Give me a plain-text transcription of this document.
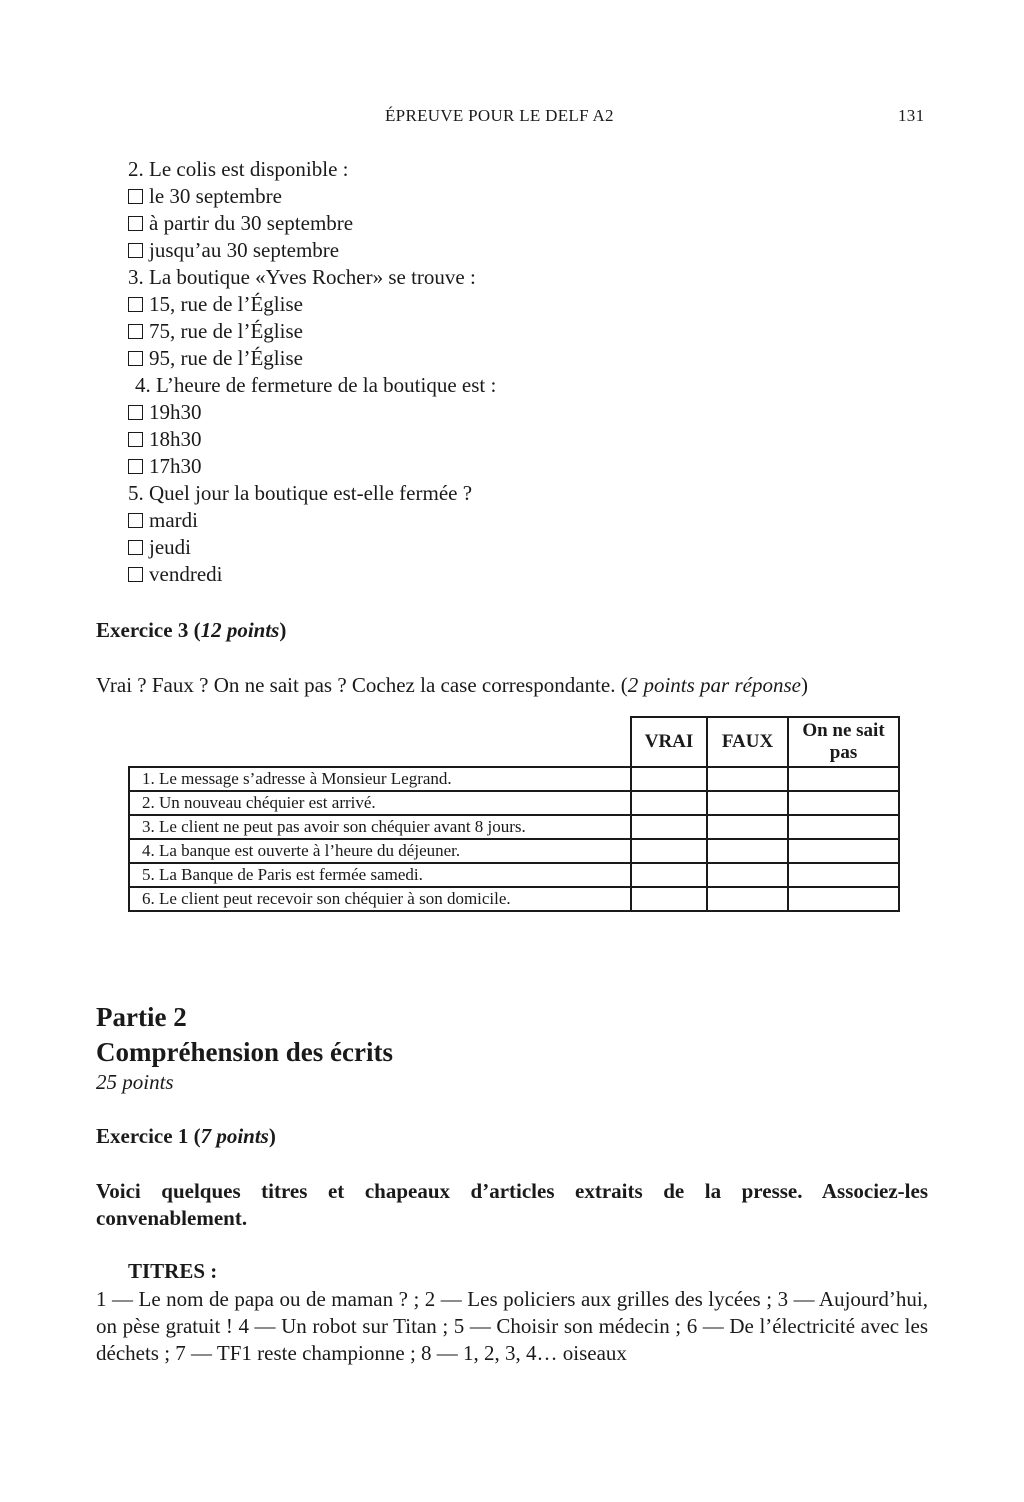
ÉPREUVE POUR LE DELF A2	131
2. Le colis est disponible :
le 30 septembre
à partir du 30 septembre
jusqu’au 30 septembre
3. La boutique «Yves Rocher» se trouve :
15, rue de l’Église
75, rue de l’Église
95, rue de l’Église
4. L’heure de fermeture de la boutique est :
19h30
18h30
17h30
5. Quel jour la boutique est-elle fermée ?
mardi
jeudi
vendredi
Exercice 3 (12 points)
Vrai ? Faux ? On ne sait pas ? Cochez la case correspondante. (2 points par réponse)
	VRAI	FAUX	On ne sait pas
1. Le message s’adresse à Monsieur Legrand.			
2. Un nouveau chéquier est arrivé.			
3. Le client ne peut pas avoir son chéquier avant 8 jours.			
4. La banque est ouverte à l’heure du déjeuner.			
5. La Banque de Paris est fermée samedi.			
6. Le client peut recevoir son chéquier à son domicile.			
Partie 2
Compréhension des écrits
25 points
Exercice 1 (7 points)
Voici quelques titres et chapeaux d’articles extraits de la presse. Associez-les convenablement.
TITRES :
1 — Le nom de papa ou de maman ? ; 2 — Les policiers aux grilles des lycées ; 3 — Aujourd’hui, on pèse gratuit ! 4 — Un robot sur Titan ; 5 — Choisir son médecin ; 6 — De l’électricité avec les déchets ; 7 — TF1 reste championne ; 8 — 1, 2, 3, 4… oiseaux
